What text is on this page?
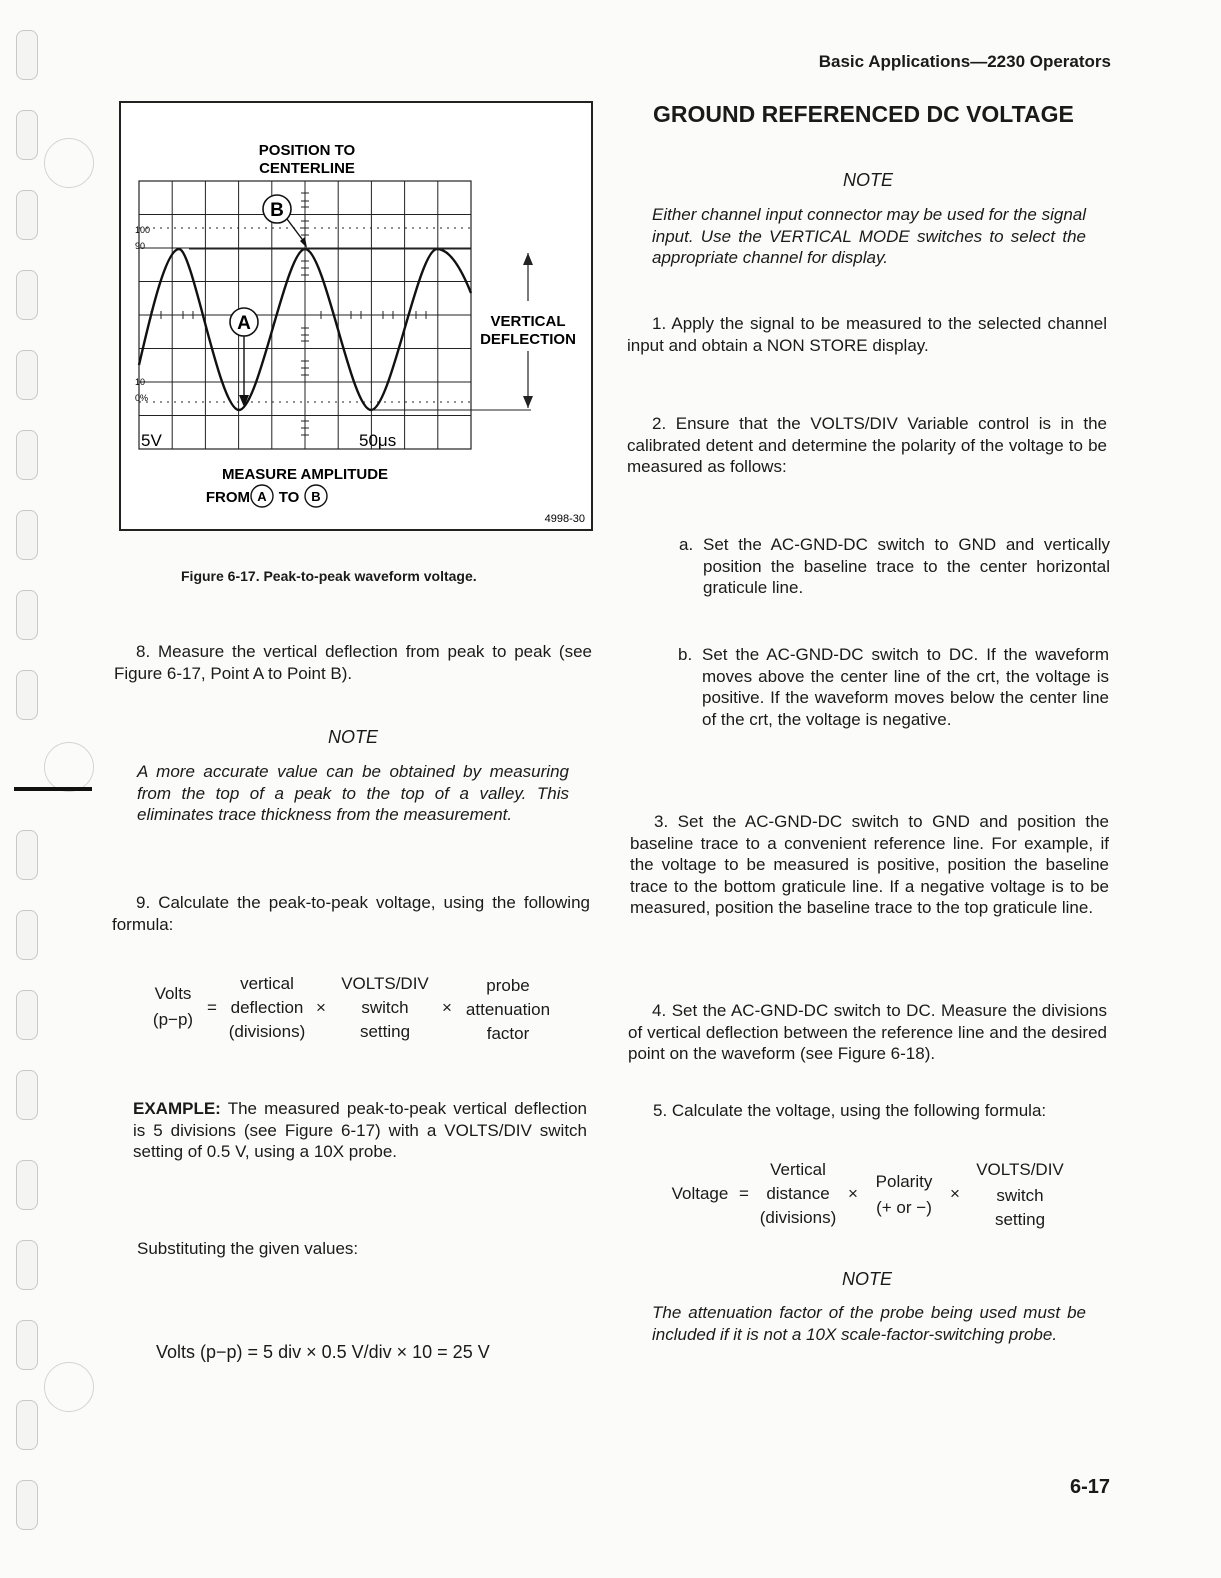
Basic Applications—2230 Operators
B
A
100
90
10
0%
5V	50μs
POSITION TO
CENTERLINE
VERTICAL
DEFLECTION
MEASURE AMPLITUDE
FROM A TO B
4998-30
Figure 6-17. Peak-to-peak waveform voltage.
8. Measure the vertical deflection from peak to peak (see Figure 6-17, Point A to Point B).
NOTE
A more accurate value can be obtained by measuring from the top of a peak to the top of a valley. This eliminates trace thickness from the measurement.
9. Calculate the peak-to-peak voltage, using the following formula:
Volts
(p−p)
=
vertical
deflection
(divisions)
×
VOLTS/DIV
switch
setting
×
probe
attenuation
factor
EXAMPLE: The measured peak-to-peak vertical deflection is 5 divisions (see Figure 6-17) with a VOLTS/DIV switch setting of 0.5 V, using a 10X probe.
Substituting the given values:
Volts (p−p) = 5 div × 0.5 V/div × 10 = 25 V
GROUND REFERENCED DC VOLTAGE
NOTE
Either channel input connector may be used for the signal input. Use the VERTICAL MODE switches to select the appropriate channel for display.
1. Apply the signal to be measured to the selected channel input and obtain a NON STORE display.
2. Ensure that the VOLTS/DIV Variable control is in the calibrated detent and determine the polarity of the voltage to be measured as follows:
a. Set the AC-GND-DC switch to GND and vertically position the baseline trace to the center horizontal graticule line.
b. Set the AC-GND-DC switch to DC. If the waveform moves above the center line of the crt, the voltage is positive. If the waveform moves below the center line of the crt, the voltage is negative.
3. Set the AC-GND-DC switch to GND and position the baseline trace to a convenient reference line. For example, if the voltage to be measured is positive, position the baseline trace to the bottom graticule line. If a negative voltage is to be measured, position the baseline trace to the top graticule line.
4. Set the AC-GND-DC switch to DC. Measure the divisions of vertical deflection between the reference line and the desired point on the waveform (see Figure 6-18).
5. Calculate the voltage, using the following formula:
Voltage =
Vertical
distance
(divisions)
×
Polarity
(+ or −)
×
VOLTS/DIV
switch
setting
NOTE
The attenuation factor of the probe being used must be included if it is not a 10X scale-factor-switching probe.
6-17
